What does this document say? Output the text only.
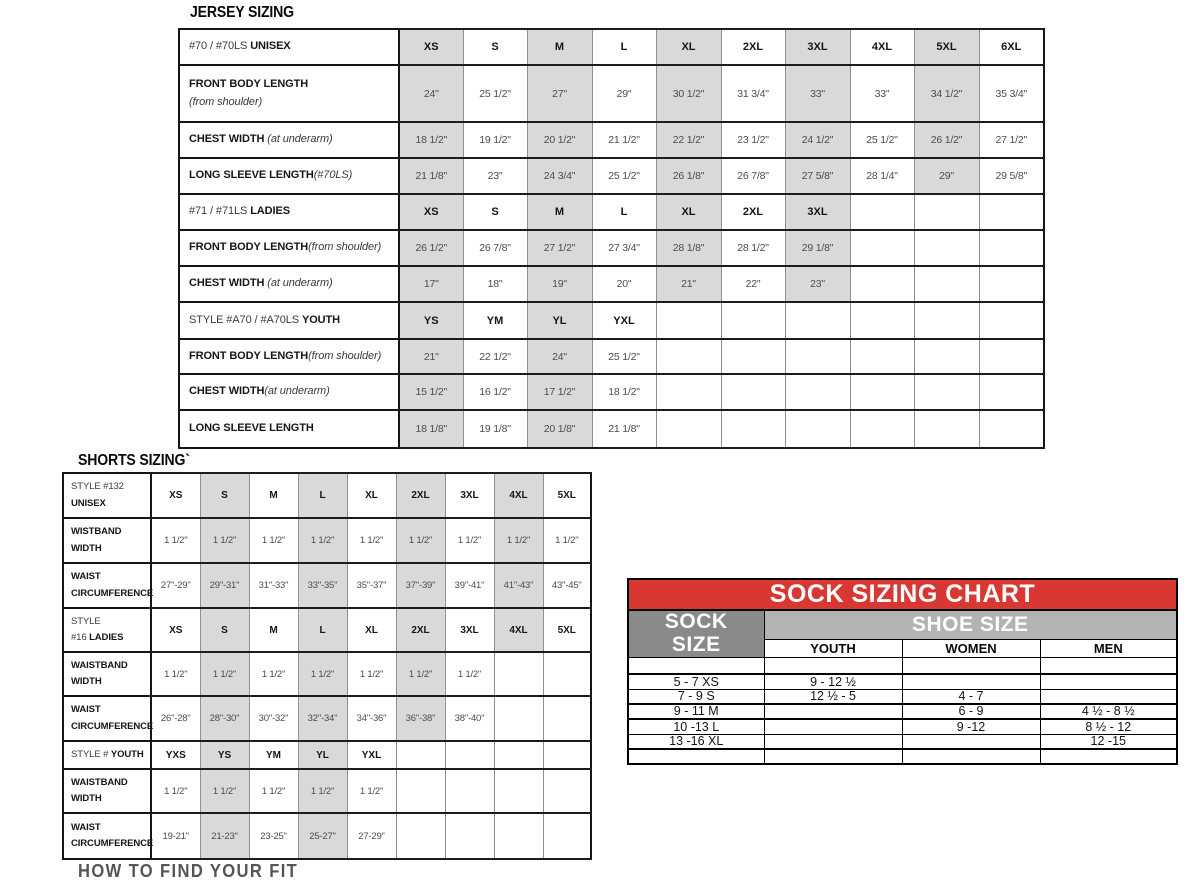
JERSEY SIZING
#70 / #70LS UNISEX	XS	S	M	L	XL	2XL	3XL	4XL	5XL	6XL
FRONT BODY LENGTH
(from shoulder)	24"	25 1/2"	27"	29"	30 1/2"	31 3/4"	33"	33"	34 1/2"	35 3/4"
CHEST WIDTH (at underarm)	18 1/2"	19 1/2"	20 1/2"	21 1/2"	22 1/2"	23 1/2"	24 1/2"	25 1/2"	26 1/2"	27 1/2"
LONG SLEEVE LENGTH(#70LS)	21 1/8"	23"	24 3/4"	25 1/2"	26 1/8"	26 7/8"	27 5/8"	28 1/4"	29"	29 5/8"
#71 / #71LS LADIES	XS	S	M	L	XL	2XL	3XL			
FRONT BODY LENGTH(from shoulder)	26 1/2"	26 7/8"	27 1/2"	27 3/4"	28 1/8"	28 1/2"	29 1/8"			
CHEST WIDTH (at underarm)	17"	18"	19"	20"	21"	22"	23"			
STYLE #A70 / #A70LS YOUTH	YS	YM	YL	YXL						
FRONT BODY LENGTH(from shoulder)	21"	22 1/2"	24"	25 1/2"						
CHEST WIDTH(at underarm)	15 1/2"	16 1/2"	17 1/2"	18 1/2"						
LONG SLEEVE LENGTH	18 1/8"	19 1/8"	20 1/8"	21 1/8"						
SHORTS SIZING`
STYLE #132
UNISEX	XS	S	M	L	XL	2XL	3XL	4XL	5XL
WISTBAND
WIDTH	1 1/2"	1 1/2"	1 1/2"	1 1/2"	1 1/2"	1 1/2"	1 1/2"	1 1/2"	1 1/2"
WAIST
CIRCUMFERENCE	27"-29"	29"-31"	31"-33"	33"-35"	35"-37"	37"-39"	39"-41"	41"-43"	43"-45"
STYLE
#16 LADIES	XS	S	M	L	XL	2XL	3XL	4XL	5XL
WAISTBAND
WIDTH	1 1/2"	1 1/2"	1 1/2"	1 1/2"	1 1/2"	1 1/2"	1 1/2"		
WAIST
CIRCUMFERENCE	26"-28"	28"-30"	30"-32"	32"-34"	34"-36"	36"-38"	38"-40"		
STYLE # YOUTH	YXS	YS	YM	YL	YXL				
WAISTBAND
WIDTH	1 1/2"	1 1/2"	1 1/2"	1 1/2"	1 1/2"				
WAIST
CIRCUMFERENCE	19-21"	21-23"	23-25"	25-27"	27-29"				
SOCK SIZING CHART			

SOCK
SIZE	SHOE SIZE		
	YOUTH	WOMEN	MEN

5 - 7 XS	9 - 12 ½		
7 - 9 S	12 ½ - 5	4 - 7	
9 - 11 M		6 - 9	4 ½ - 8 ½
10 -13 L		9 -12	8 ½ - 12
13 -16 XL			12 -15

HOW TO FIND YOUR FIT
